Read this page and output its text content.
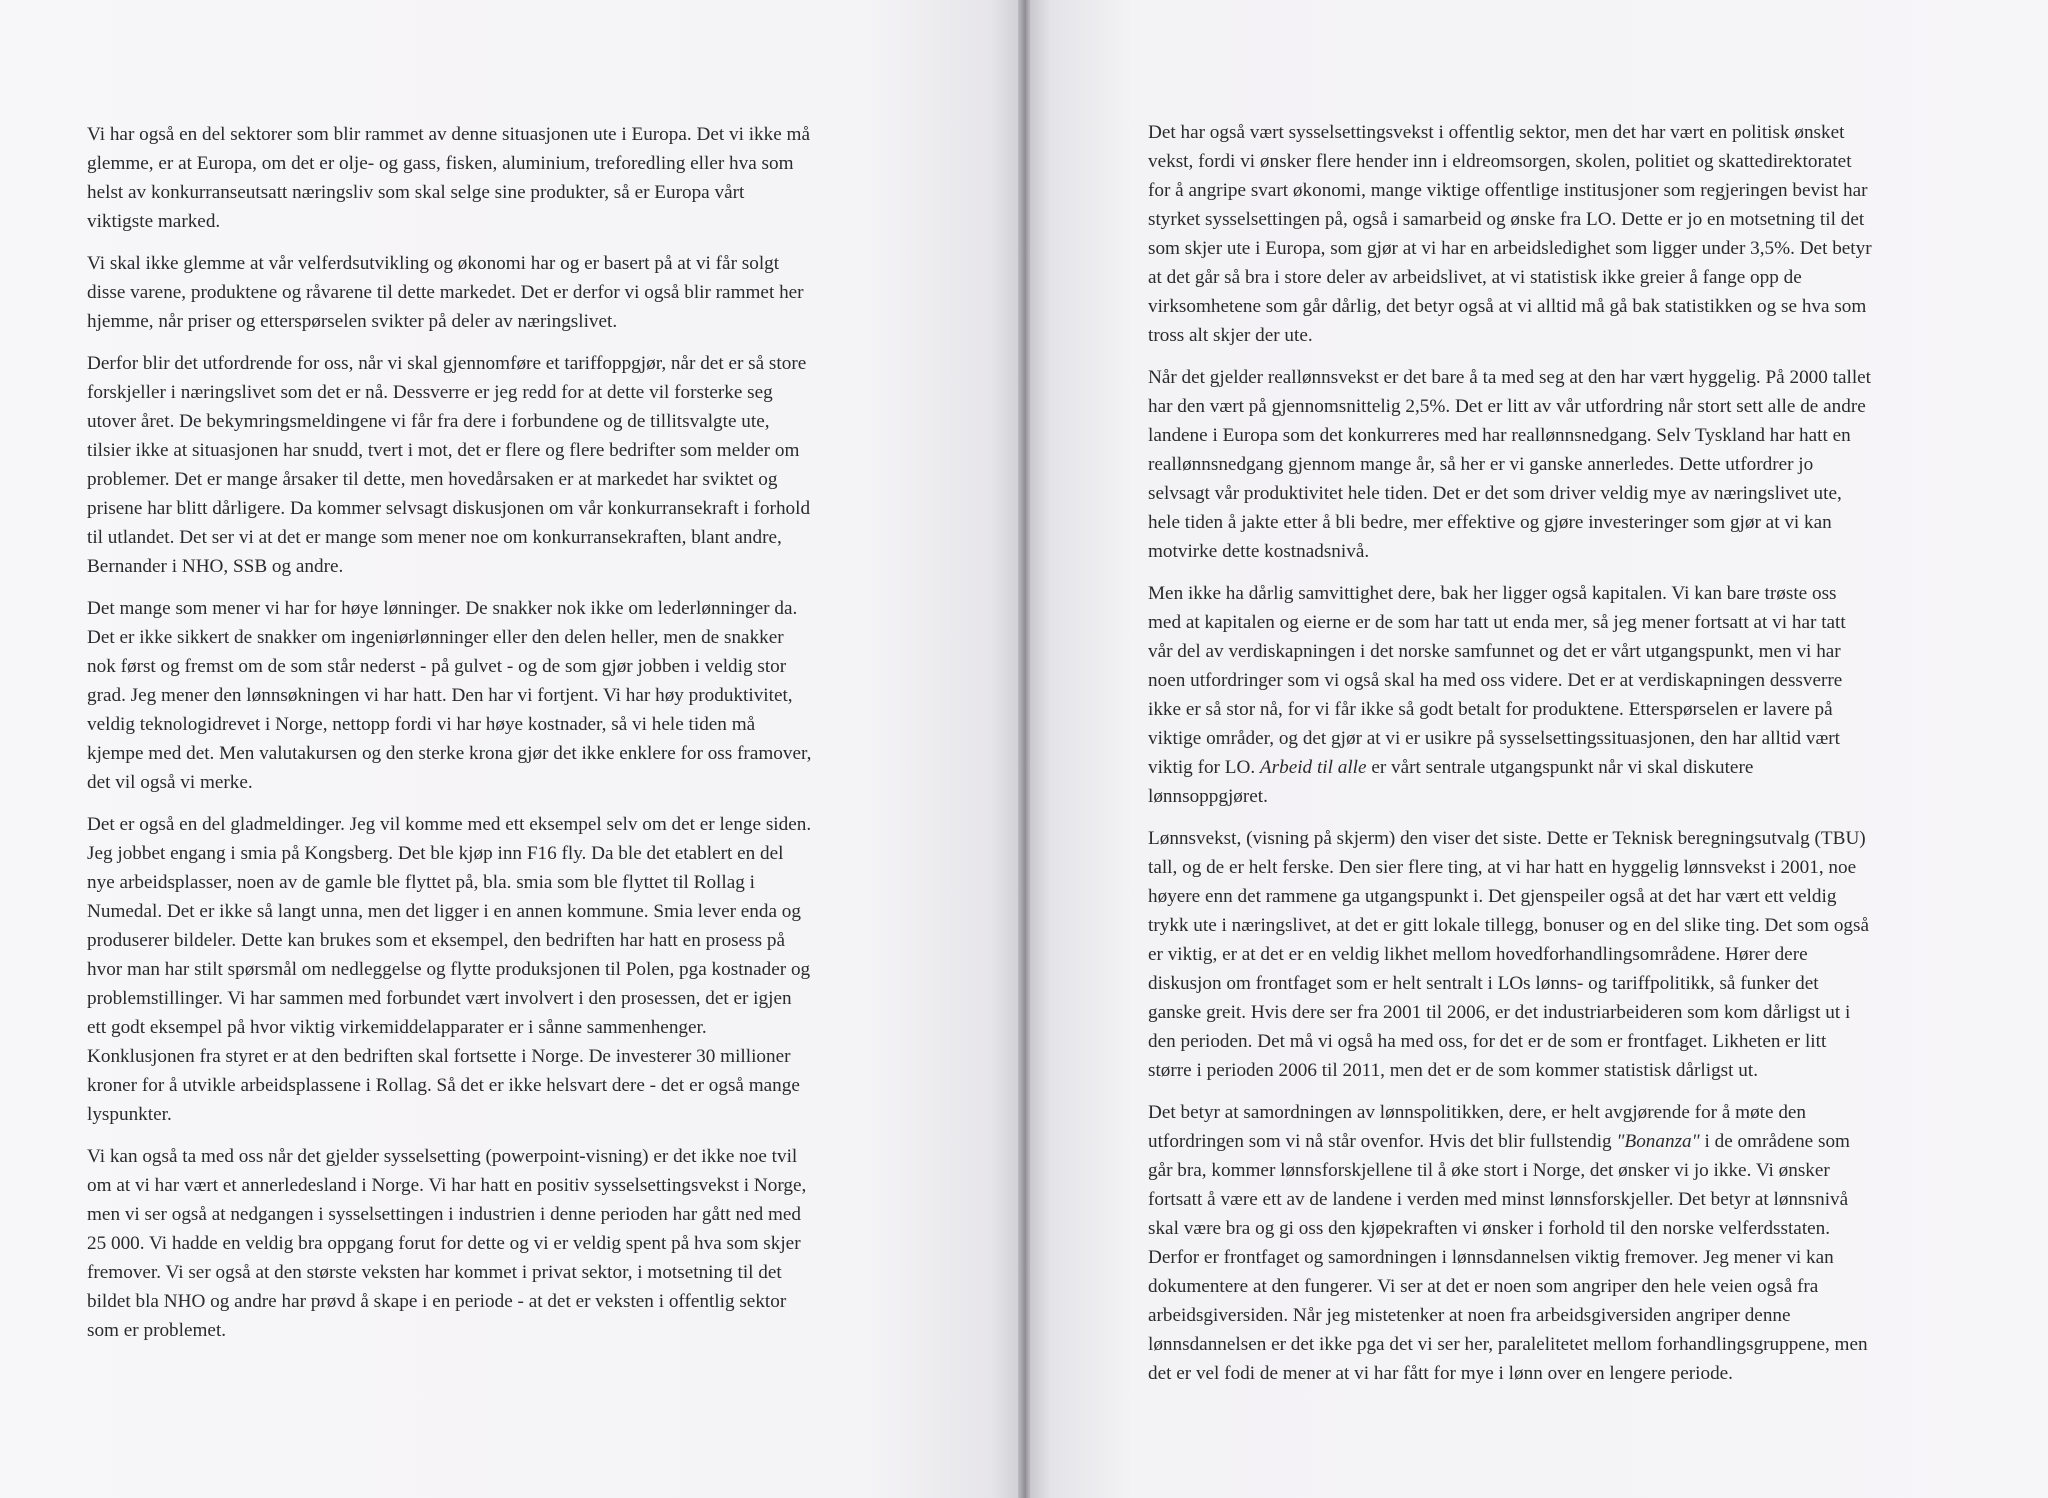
Vi har også en del sektorer som blir rammet av denne situasjonen ute i Europa. Det vi ikke må
glemme, er at Europa, om det er olje- og gass, fisken, aluminium, treforedling eller hva som
helst av konkurranseutsatt næringsliv som skal selge sine produkter, så er Europa vårt
viktigste marked.

Vi skal ikke glemme at vår velferdsutvikling og økonomi har og er basert på at vi får solgt
disse varene, produktene og råvarene til dette markedet. Det er derfor vi også blir rammet her
hjemme, når priser og etterspørselen svikter på deler av næringslivet.

Derfor blir det utfordrende for oss, når vi skal gjennomføre et tariffoppgjør, når det er så store
forskjeller i næringslivet som det er nå. Dessverre er jeg redd for at dette vil forsterke seg
utover året. De bekymringsmeldingene vi får fra dere i forbundene og de tillitsvalgte ute,
tilsier ikke at situasjonen har snudd, tvert i mot, det er flere og flere bedrifter som melder om
problemer. Det er mange årsaker til dette, men hovedårsaken er at markedet har sviktet og
prisene har blitt dårligere. Da kommer selvsagt diskusjonen om vår konkurransekraft i forhold
til utlandet. Det ser vi at det er mange som mener noe om konkurransekraften, blant andre,
Bernander i NHO, SSB og andre.

Det mange som mener vi har for høye lønninger. De snakker nok ikke om lederlønninger da.
Det er ikke sikkert de snakker om ingeniørlønninger eller den delen heller, men de snakker
nok først og fremst om de som står nederst - på gulvet - og de som gjør jobben i veldig stor
grad. Jeg mener den lønnsøkningen vi har hatt. Den har vi fortjent. Vi har høy produktivitet,
veldig teknologidrevet i Norge, nettopp fordi vi har høye kostnader, så vi hele tiden må
kjempe med det. Men valutakursen og den sterke krona gjør det ikke enklere for oss framover,
det vil også vi merke.

Det er også en del gladmeldinger. Jeg vil komme med ett eksempel selv om det er lenge siden.
Jeg jobbet engang i smia på Kongsberg. Det ble kjøp inn F16 fly. Da ble det etablert en del
nye arbeidsplasser, noen av de gamle ble flyttet på, bla. smia som ble flyttet til Rollag i
Numedal. Det er ikke så langt unna, men det ligger i en annen kommune. Smia lever enda og
produserer bildeler. Dette kan brukes som et eksempel, den bedriften har hatt en prosess på
hvor man har stilt spørsmål om nedleggelse og flytte produksjonen til Polen, pga kostnader og
problemstillinger. Vi har sammen med forbundet vært involvert i den prosessen, det er igjen
ett godt eksempel på hvor viktig virkemiddelapparater er i sånne sammenhenger.
Konklusjonen fra styret er at den bedriften skal fortsette i Norge. De investerer 30 millioner
kroner for å utvikle arbeidsplassene i Rollag. Så det er ikke helsvart dere - det er også mange
lyspunkter.

Vi kan også ta med oss når det gjelder sysselsetting (powerpoint-visning) er det ikke noe tvil
om at vi har vært et annerledesland i Norge. Vi har hatt en positiv sysselsettingsvekst i Norge,
men vi ser også at nedgangen i sysselsettingen i industrien i denne perioden har gått ned med
25 000. Vi hadde en veldig bra oppgang forut for dette og vi er veldig spent på hva som skjer
fremover. Vi ser også at den største veksten har kommet i privat sektor, i motsetning til det
bildet bla NHO og andre har prøvd å skape i en periode - at det er veksten i offentlig sektor
som er problemet.

Det har også vært sysselsettingsvekst i offentlig sektor, men det har vært en politisk ønsket
vekst, fordi vi ønsker flere hender inn i eldreomsorgen, skolen, politiet og skattedirektoratet
for å angripe svart økonomi, mange viktige offentlige institusjoner som regjeringen bevist har
styrket sysselsettingen på, også i samarbeid og ønske fra LO. Dette er jo en motsetning til det
som skjer ute i Europa, som gjør at vi har en arbeidsledighet som ligger under 3,5%. Det betyr
at det går så bra i store deler av arbeidslivet, at vi statistisk ikke greier å fange opp de
virksomhetene som går dårlig, det betyr også at vi alltid må gå bak statistikken og se hva som
tross alt skjer der ute.

Når det gjelder reallønnsvekst er det bare å ta med seg at den har vært hyggelig. På 2000 tallet
har den vært på gjennomsnittelig 2,5%. Det er litt av vår utfordring når stort sett alle de andre
landene i Europa som det konkurreres med har reallønnsnedgang. Selv Tyskland har hatt en
reallønnsnedgang gjennom mange år, så her er vi ganske annerledes. Dette utfordrer jo
selvsagt vår produktivitet hele tiden. Det er det som driver veldig mye av næringslivet ute,
hele tiden å jakte etter å bli bedre, mer effektive og gjøre investeringer som gjør at vi kan
motvirke dette kostnadsnivå.

Men ikke ha dårlig samvittighet dere, bak her ligger også kapitalen. Vi kan bare trøste oss
med at kapitalen og eierne er de som har tatt ut enda mer, så jeg mener fortsatt at vi har tatt
vår del av verdiskapningen i det norske samfunnet og det er vårt utgangspunkt, men vi har
noen utfordringer som vi også skal ha med oss videre. Det er at verdiskapningen dessverre
ikke er så stor nå, for vi får ikke så godt betalt for produktene. Etterspørselen er lavere på
viktige områder, og det gjør at vi er usikre på sysselsettingssituasjonen, den har alltid vært
viktig for LO. Arbeid til alle er vårt sentrale utgangspunkt når vi skal diskutere
lønnsoppgjøret.

Lønnsvekst, (visning på skjerm) den viser det siste. Dette er Teknisk beregningsutvalg (TBU)
tall, og de er helt ferske. Den sier flere ting, at vi har hatt en hyggelig lønnsvekst i 2001, noe
høyere enn det rammene ga utgangspunkt i. Det gjenspeiler også at det har vært ett veldig
trykk ute i næringslivet, at det er gitt lokale tillegg, bonuser og en del slike ting. Det som også
er viktig, er at det er en veldig likhet mellom hovedforhandlingsområdene. Hører dere
diskusjon om frontfaget som er helt sentralt i LOs lønns- og tariffpolitikk, så funker det
ganske greit. Hvis dere ser fra 2001 til 2006, er det industriarbeideren som kom dårligst ut i
den perioden. Det må vi også ha med oss, for det er de som er frontfaget. Likheten er litt
større i perioden 2006 til 2011, men det er de som kommer statistisk dårligst ut.

Det betyr at samordningen av lønnspolitikken, dere, er helt avgjørende for å møte den
utfordringen som vi nå står ovenfor. Hvis det blir fullstendig "Bonanza" i de områdene som
går bra, kommer lønnsforskjellene til å øke stort i Norge, det ønsker vi jo ikke. Vi ønsker
fortsatt å være ett av de landene i verden med minst lønnsforskjeller. Det betyr at lønnsnivå
skal være bra og gi oss den kjøpekraften vi ønsker i forhold til den norske velferdsstaten.
Derfor er frontfaget og samordningen i lønnsdannelsen viktig fremover. Jeg mener vi kan
dokumentere at den fungerer. Vi ser at det er noen som angriper den hele veien også fra
arbeidsgiversiden. Når jeg mistetenker at noen fra arbeidsgiversiden angriper denne
lønnsdannelsen er det ikke pga det vi ser her, paralelitetet mellom forhandlingsgruppene, men
det er vel fodi de mener at vi har fått for mye i lønn over en lengere periode.
